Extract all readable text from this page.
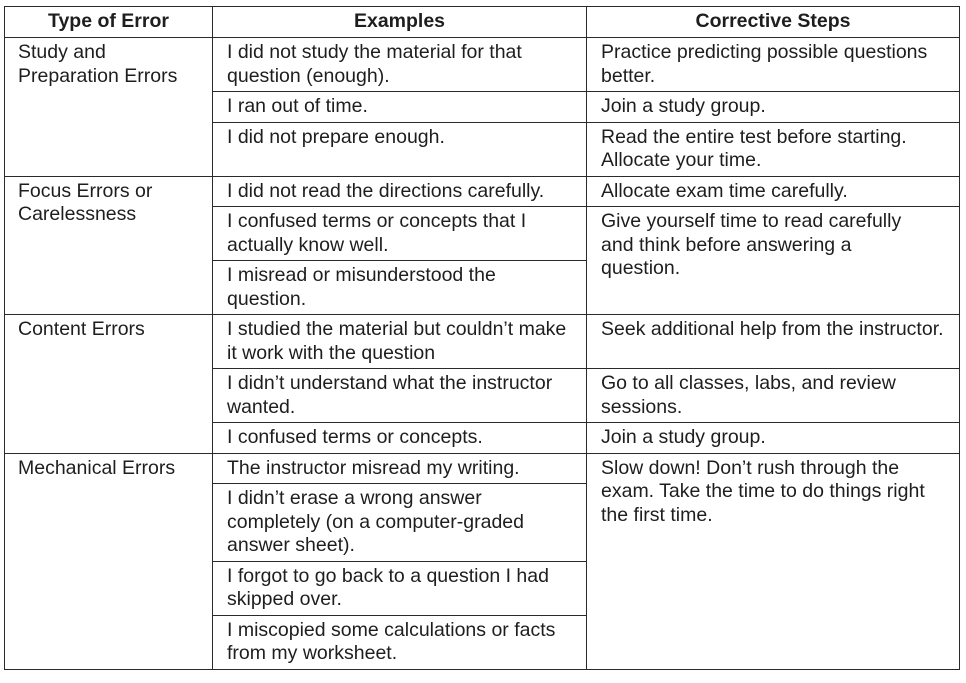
Type of Error	Examples	Corrective Steps
Study and Preparation Errors	I did not study the material for that question (enough).	Practice predicting possible questions better.
	I ran out of time.	Join a study group.
	I did not prepare enough.	Read the entire test before starting. Allocate your time.
Focus Errors or Carelessness	I did not read the directions carefully.	Allocate exam time carefully.
	I confused terms or concepts that I actually know well.	Give yourself time to read carefully and think before answering a question.
	I misread or misunderstood the question.	
Content Errors	I studied the material but couldn’t make it work with the question	Seek additional help from the instructor.
	I didn’t understand what the instructor wanted.	Go to all classes, labs, and review sessions.
	I confused terms or concepts.	Join a study group.
Mechanical Errors	The instructor misread my writing.	Slow down! Don’t rush through the exam. Take the time to do things right the first time.
	I didn’t erase a wrong answer completely (on a computer-graded answer sheet).	
	I forgot to go back to a question I had skipped over.	
	I miscopied some calculations or facts from my worksheet.	
